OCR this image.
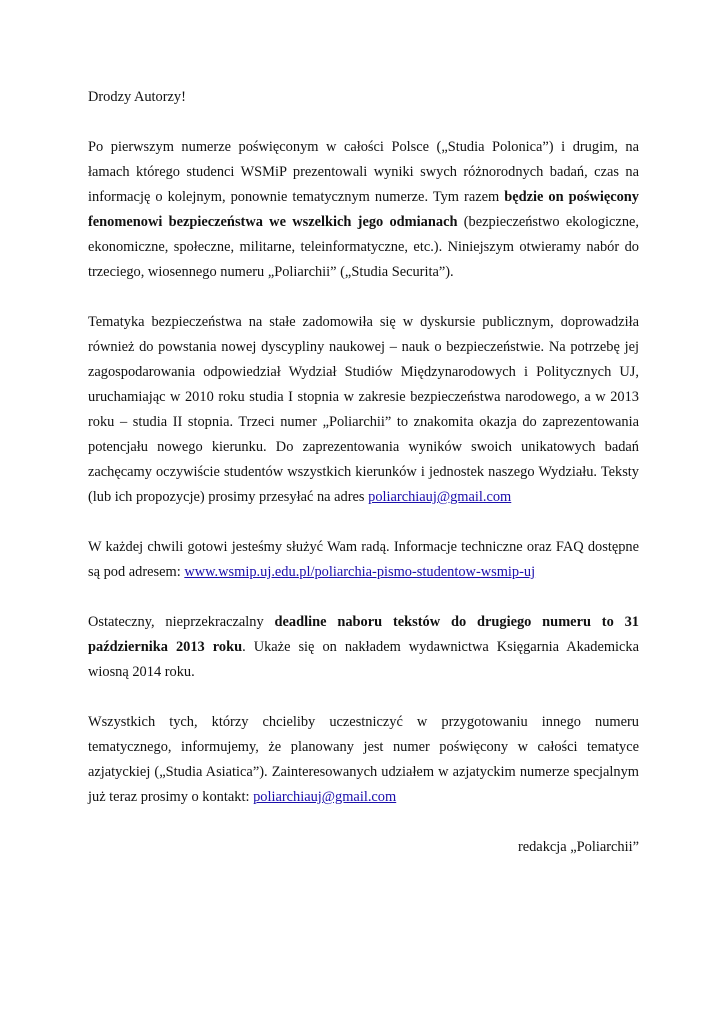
Drodzy Autorzy!

Po pierwszym numerze poświęconym w całości Polsce („Studia Polonica”) i drugim, na łamach którego studenci WSMiP prezentowali wyniki swych różnorodnych badań, czas na informację o kolejnym, ponownie tematycznym numerze. Tym razem będzie on poświęcony fenomenowi bezpieczeństwa we wszelkich jego odmianach (bezpieczeństwo ekologiczne, ekonomiczne, społeczne, militarne, teleinformatyczne, etc.). Niniejszym otwieramy nabór do trzeciego, wiosennego numeru „Poliarchii” („Studia Securita”).

Tematyka bezpieczeństwa na stałe zadomowiła się w dyskursie publicznym, doprowadziła również do powstania nowej dyscypliny naukowej – nauk o bezpieczeństwie. Na potrzebę jej zagospodarowania odpowiedział Wydział Studiów Międzynarodowych i Politycznych UJ, uruchamiając w 2010 roku studia I stopnia w zakresie bezpieczeństwa narodowego, a w 2013 roku – studia II stopnia. Trzeci numer „Poliarchii” to znakomita okazja do zaprezentowania potencjału nowego kierunku. Do zaprezentowania wyników swoich unikatowych badań zachęcamy oczywiście studentów wszystkich kierunków i jednostek naszego Wydziału. Teksty (lub ich propozycje) prosimy przesyłać na adres poliarchiauj@gmail.com

W każdej chwili gotowi jesteśmy służyć Wam radą. Informacje techniczne oraz FAQ dostępne są pod adresem: www.wsmip.uj.edu.pl/poliarchia-pismo-studentow-wsmip-uj

Ostateczny, nieprzekraczalny deadline naboru tekstów do drugiego numeru to 31 października 2013 roku. Ukaże się on nakładem wydawnictwa Księgarnia Akademicka wiosną 2014 roku.

Wszystkich tych, którzy chcieliby uczestniczyć w przygotowaniu innego numeru tematycznego, informujemy, że planowany jest numer poświęcony w całości tematyce azjatyckiej („Studia Asiatica”). Zainteresowanych udziałem w azjatyckim numerze specjalnym już teraz prosimy o kontakt: poliarchiauj@gmail.com

redakcja „Poliarchii”
